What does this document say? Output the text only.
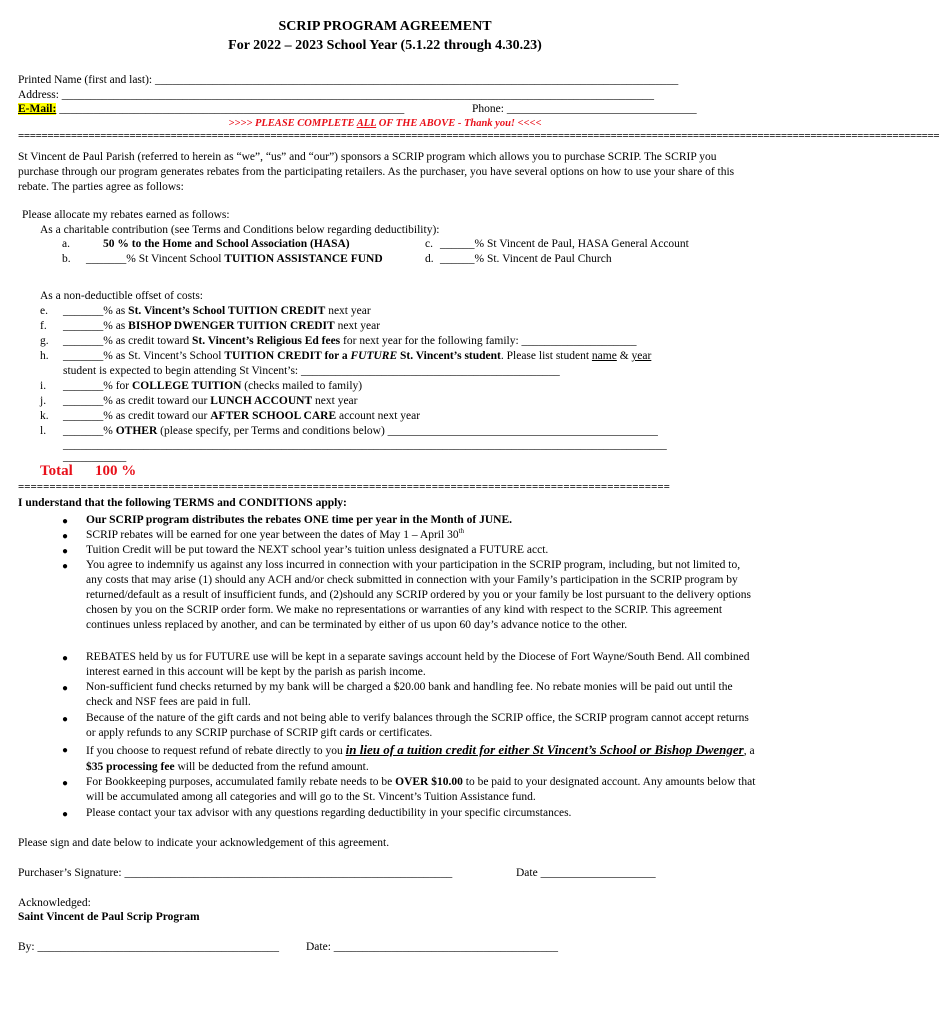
SCRIP PROGRAM AGREEMENT
For 2022 – 2023 School Year (5.1.22 through 4.30.23)
Printed Name (first and last): ___________________________________________________________________________________________
Address: _______________________________________________________________________________________________________
E-Mail: ____________________________________________________________	Phone: _________________________________
>>>> PLEASE COMPLETE ALL OF THE ABOVE - Thank you! <<<<
=============================================================================================================================================================
St Vincent de Paul Parish (referred to herein as “we”, “us” and “our”) sponsors a SCRIP program which allows you to purchase SCRIP. The SCRIP you purchase through our program generates rebates from the participating retailers. As the purchaser, you have several options on how to use your share of this rebate. The parties agree as follows:
Please allocate my rebates earned as follows:
As a charitable contribution (see Terms and Conditions below regarding deductibility):
a.	50 % to the Home and School Association (HASA)	c. ______% St Vincent de Paul, HASA General Account
b. _______% St Vincent School TUITION ASSISTANCE FUND	d. ______% St. Vincent de Paul Church
As a non-deductible offset of costs:
e. _______% as St. Vincent’s School TUITION CREDIT next year
f. _______% as BISHOP DWENGER TUITION CREDIT next year
g. _______% as credit toward St. Vincent’s Religious Ed fees for next year for the following family: ____________________
h. _______% as St. Vincent’s School TUITION CREDIT for a FUTURE St. Vincent’s student. Please list student name & year
student is expected to begin attending St Vincent’s: _____________________________________________
i. _______% for COLLEGE TUITION (checks mailed to family)
j. _______% as credit toward our LUNCH ACCOUNT next year
k. _______% as credit toward our AFTER SCHOOL CARE account next year
l. _______% OTHER (please specify, per Terms and conditions below) _______________________________________________
_________________________________________________________________________________________________________
___________
Total 100 %
========================================================================================================
I understand that the following TERMS and CONDITIONS apply:
●	Our SCRIP program distributes the rebates ONE time per year in the Month of JUNE.
●	SCRIP rebates will be earned for one year between the dates of May 1 – April 30th
●	Tuition Credit will be put toward the NEXT school year’s tuition unless designated a FUTURE acct.
●	You agree to indemnify us against any loss incurred in connection with your participation in the SCRIP program, including, but not limited to, any costs that may arise (1) should any ACH and/or check submitted in connection with your Family’s participation in the SCRIP program by returned/default as a result of insufficient funds, and (2)should any SCRIP ordered by you or your family be lost pursuant to the delivery options chosen by you on the SCRIP order form. We make no representations or warranties of any kind with respect to the SCRIP. This agreement continues unless replaced by another, and can be terminated by either of us upon 60 day’s advance notice to the other.
●	REBATES held by us for FUTURE use will be kept in a separate savings account held by the Diocese of Fort Wayne/South Bend. All combined interest earned in this account will be kept by the parish as parish income.
●	Non-sufficient fund checks returned by my bank will be charged a $20.00 bank and handling fee. No rebate monies will be paid out until the check and NSF fees are paid in full.
●	Because of the nature of the gift cards and not being able to verify balances through the SCRIP office, the SCRIP program cannot accept returns or apply refunds to any SCRIP purchase of SCRIP gift cards or certificates.
●	If you choose to request refund of rebate directly to you in lieu of a tuition credit for either St Vincent’s School or Bishop Dwenger, a $35 processing fee will be deducted from the refund amount.
●	For Bookkeeping purposes, accumulated family rebate needs to be OVER $10.00 to be paid to your designated account. Any amounts below that will be accumulated among all categories and will go to the St. Vincent’s Tuition Assistance fund.
●	Please contact your tax advisor with any questions regarding deductibility in your specific circumstances.
Please sign and date below to indicate your acknowledgement of this agreement.
Purchaser’s Signature: _________________________________________________________	Date ____________________
Acknowledged:
Saint Vincent de Paul Scrip Program
By: __________________________________________ Date: _______________________________________
